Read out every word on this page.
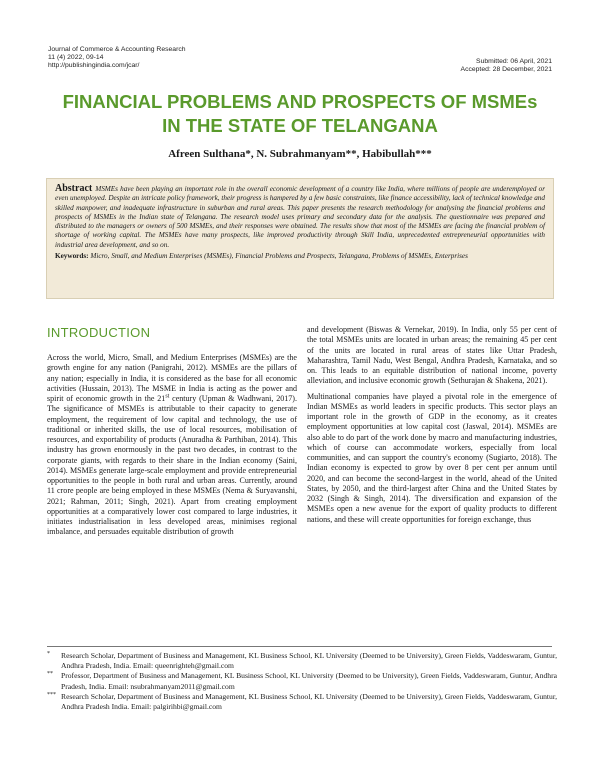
Journal of Commerce & Accounting Research
11 (4) 2022, 09-14
http://publishingindia.com/jcar/
Submitted: 06 April, 2021
Accepted: 28 December, 2021
FINANCIAL PROBLEMS AND PROSPECTS OF MSMEs
IN THE STATE OF TELANGANA
Afreen Sulthana*, N. Subrahmanyam**, Habibullah***
Abstract MSMEs have been playing an important role in the overall economic development of a country like India, where millions of people are underemployed or even unemployed. Despite an intricate policy framework, their progress is hampered by a few basic constraints, like finance accessibility, lack of technical knowledge and skilled manpower, and inadequate infrastructure in suburban and rural areas. This paper presents the research methodology for analysing the financial problems and prospects of MSMEs in the Indian state of Telangana. The research model uses primary and secondary data for the analysis. The questionnaire was prepared and distributed to the managers or owners of 500 MSMEs, and their responses were obtained. The results show that most of the MSMEs are facing the financial problem of shortage of working capital. The MSMEs have many prospects, like improved productivity through Skill India, unprecedented entrepreneurial opportunities with industrial area development, and so on.
Keywords: Micro, Small, and Medium Enterprises (MSMEs), Financial Problems and Prospects, Telangana, Problems of MSMEs, Enterprises
INTRODUCTION

Across the world, Micro, Small, and Medium Enterprises (MSMEs) are the growth engine for any nation (Panigrahi, 2012). MSMEs are the pillars of any nation; especially in India, it is considered as the base for all economic activities (Hussain, 2013). The MSME in India is acting as the power and spirit of economic growth in the 21st century (Upman & Wadhwani, 2017). The significance of MSMEs is attributable to their capacity to generate employment, the requirement of low capital and technology, the use of traditional or inherited skills, the use of local resources, mobilisation of resources, and exportability of products (Anuradha & Parthiban, 2014). This industry has grown enormously in the past two decades, in contrast to the corporate giants, with regards to their share in the Indian economy (Saini, 2014). MSMEs generate large-scale employment and provide entrepreneurial opportunities to the people in both rural and urban areas. Currently, around 11 crore people are being employed in these MSMEs (Nema & Suryavanshi, 2021; Rahman, 2011; Singh, 2021). Apart from creating employment opportunities at a comparatively lower cost compared to large industries, it initiates industrialisation in less developed areas, minimises regional imbalance, and persuades equitable distribution of growth

and development (Biswas & Vernekar, 2019). In India, only 55 per cent of the total MSMEs units are located in urban areas; the remaining 45 per cent of the units are located in rural areas of states like Uttar Pradesh, Maharashtra, Tamil Nadu, West Bengal, Andhra Pradesh, Karnataka, and so on. This leads to an equitable distribution of national income, poverty alleviation, and inclusive economic growth (Sethurajan & Shakena, 2021).

Multinational companies have played a pivotal role in the emergence of Indian MSMEs as world leaders in specific products. This sector plays an important role in the growth of GDP in the economy, as it creates employment opportunities at low capital cost (Jaswal, 2014). MSMEs are also able to do part of the work done by macro and manufacturing industries, which of course can accommodate workers, especially from local communities, and can support the country's economy (Sugiarto, 2018). The Indian economy is expected to grow by over 8 per cent per annum until 2020, and can become the second-largest in the world, ahead of the United States, by 2050, and the third-largest after China and the United States by 2032 (Singh & Singh, 2014). The diversification and expansion of the MSMEs open a new avenue for the export of quality products to different nations, and these will create opportunities for foreign exchange, thus

* Research Scholar, Department of Business and Management, KL Business School, KL University (Deemed to be University), Green Fields, Vaddeswaram, Guntur, Andhra Pradesh, India. Email: queenrighteh@gmail.com
** Professor, Department of Business and Management, KL Business School, KL University (Deemed to be University), Green Fields, Vaddeswaram, Guntur, Andhra Pradesh, India. Email: nsubrahmanyam2011@gmail.com
*** Research Scholar, Department of Business and Management, KL Business School, KL University (Deemed to be University), Green Fields, Vaddeswaram, Guntur, Andhra Pradesh India. Email: palgirihbi@gmail.com
